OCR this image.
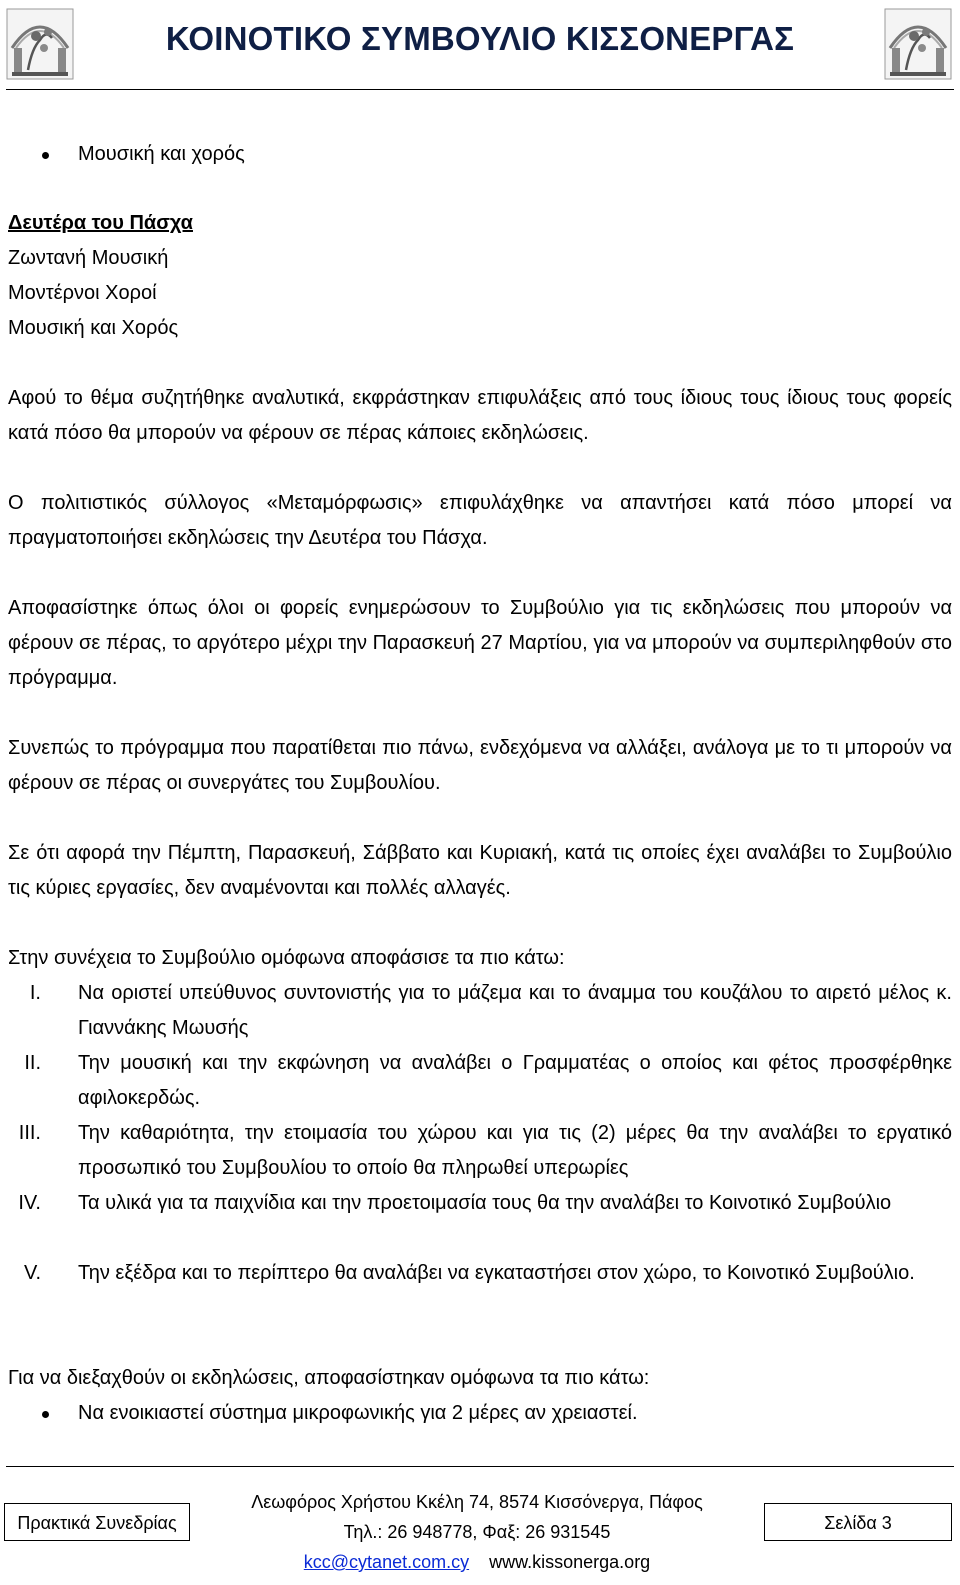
ΚΟΙΝΟΤΙΚΟ ΣΥΜΒΟΥΛΙΟ ΚΙΣΣΟΝΕΡΓΑΣ
Μουσική και χορός
Δευτέρα του Πάσχα
Ζωντανή Μουσική
Μοντέρνοι Χοροί
Μουσική και Χορός
Αφού το θέμα συζητήθηκε αναλυτικά, εκφράστηκαν επιφυλάξεις από τους ίδιους τους ίδιους τους φορείς κατά πόσο θα μπορούν να φέρουν σε πέρας κάποιες εκδηλώσεις.
Ο πολιτιστικός σύλλογος «Μεταμόρφωσις» επιφυλάχθηκε να απαντήσει κατά πόσο μπορεί να πραγματοποιήσει εκδηλώσεις την Δευτέρα του Πάσχα.
Αποφασίστηκε όπως όλοι οι φορείς ενημερώσουν το Συμβούλιο για τις εκδηλώσεις που μπορούν να φέρουν σε πέρας, το αργότερο μέχρι την Παρασκευή 27 Μαρτίου, για να μπορούν να συμπεριληφθούν στο πρόγραμμα.
Συνεπώς το πρόγραμμα που παρατίθεται πιο πάνω, ενδεχόμενα να αλλάξει, ανάλογα με το τι μπορούν να φέρουν σε πέρας οι συνεργάτες του Συμβουλίου.
Σε ότι αφορά την Πέμπτη, Παρασκευή, Σάββατο και Κυριακή, κατά τις οποίες έχει αναλάβει το Συμβούλιο τις κύριες εργασίες, δεν αναμένονται και πολλές αλλαγές.
Στην συνέχεια το Συμβούλιο ομόφωνα αποφάσισε τα πιο κάτω:
I. Να οριστεί υπεύθυνος συντονιστής για το μάζεμα και το άναμμα του κουζάλου το αιρετό μέλος κ. Γιαννάκης Μωυσής
II. Την μουσική και την εκφώνηση να αναλάβει ο Γραμματέας ο οποίος και φέτος προσφέρθηκε αφιλοκερδώς.
III. Την καθαριότητα, την ετοιμασία του χώρου και για τις (2) μέρες θα την αναλάβει το εργατικό προσωπικό του Συμβουλίου το οποίο θα πληρωθεί υπερωρίες
IV. Τα υλικά για τα παιχνίδια και την προετοιμασία τους θα την αναλάβει το Κοινοτικό Συμβούλιο
V. Την εξέδρα και το περίπτερο θα αναλάβει να εγκαταστήσει στον χώρο, το Κοινοτικό Συμβούλιο.
Για να διεξαχθούν οι εκδηλώσεις, αποφασίστηκαν ομόφωνα τα πιο κάτω:
Να ενοικιαστεί σύστημα μικροφωνικής για 2 μέρες αν χρειαστεί.
Πρακτικά Συνεδρίας
Λεωφόρος Χρήστου Κκέλη 74, 8574 Κισσόνεργα, Πάφος
Τηλ.: 26 948778, Φαξ: 26 931545
kcc@cytanet.com.cy www.kissonerga.org
Σελίδα 3
